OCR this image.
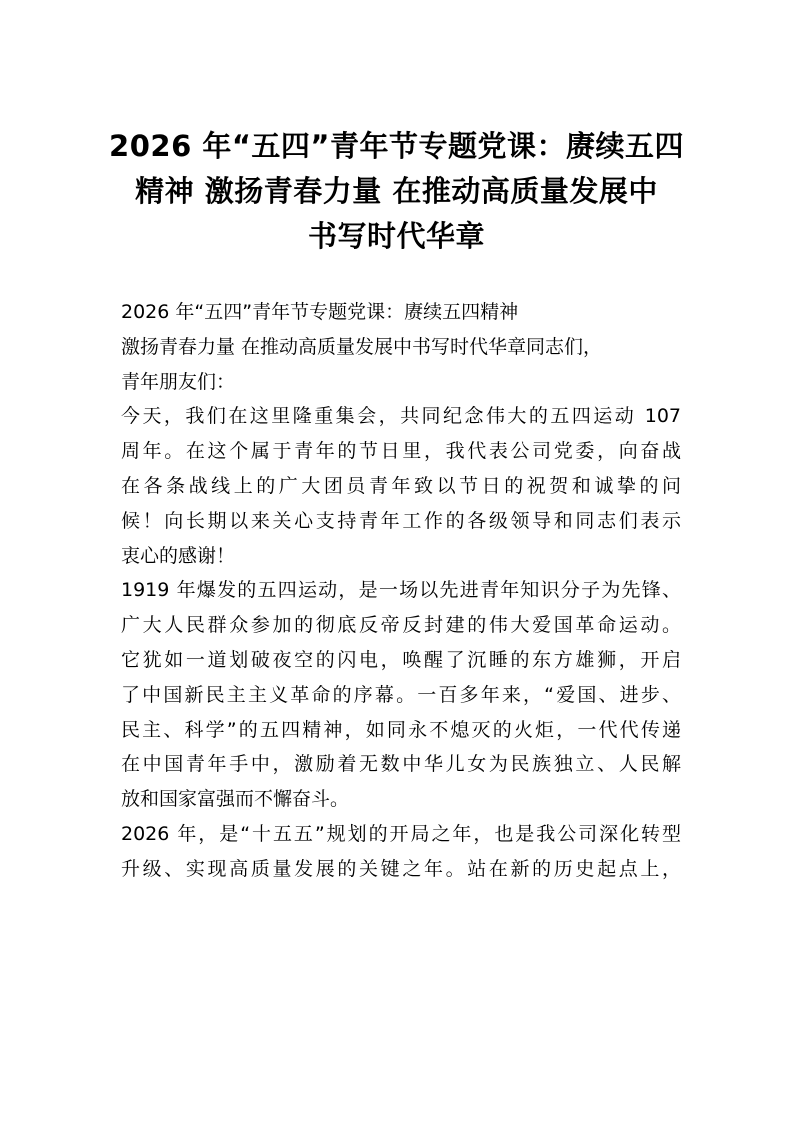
2026 年“五四”青年节专题党课：赓续五四
精神 激扬青春力量 在推动高质量发展中
书写时代华章

2026 年“五四”青年节专题党课：赓续五四精神

激扬青春力量 在推动高质量发展中书写时代华章同志们，

青年朋友们：

今天，我们在这里隆重集会，共同纪念伟大的五四运动 107

周年。在这个属于青年的节日里，我代表公司党委，向奋战

在各条战线上的广大团员青年致以节日的祝贺和诚挚的问

候！向长期以来关心支持青年工作的各级领导和同志们表示

衷心的感谢！

1919 年爆发的五四运动，是一场以先进青年知识分子为先锋、

广大人民群众参加的彻底反帝反封建的伟大爱国革命运动。

它犹如一道划破夜空的闪电，唤醒了沉睡的东方雄狮，开启

了中国新民主主义革命的序幕。一百多年来，“爱国、进步、

民主、科学”的五四精神，如同永不熄灭的火炬，一代代传递

在中国青年手中，激励着无数中华儿女为民族独立、人民解

放和国家富强而不懈奋斗。

2026 年，是“十五五”规划的开局之年，也是我公司深化转型

升级、实现高质量发展的关键之年。站在新的历史起点上，
